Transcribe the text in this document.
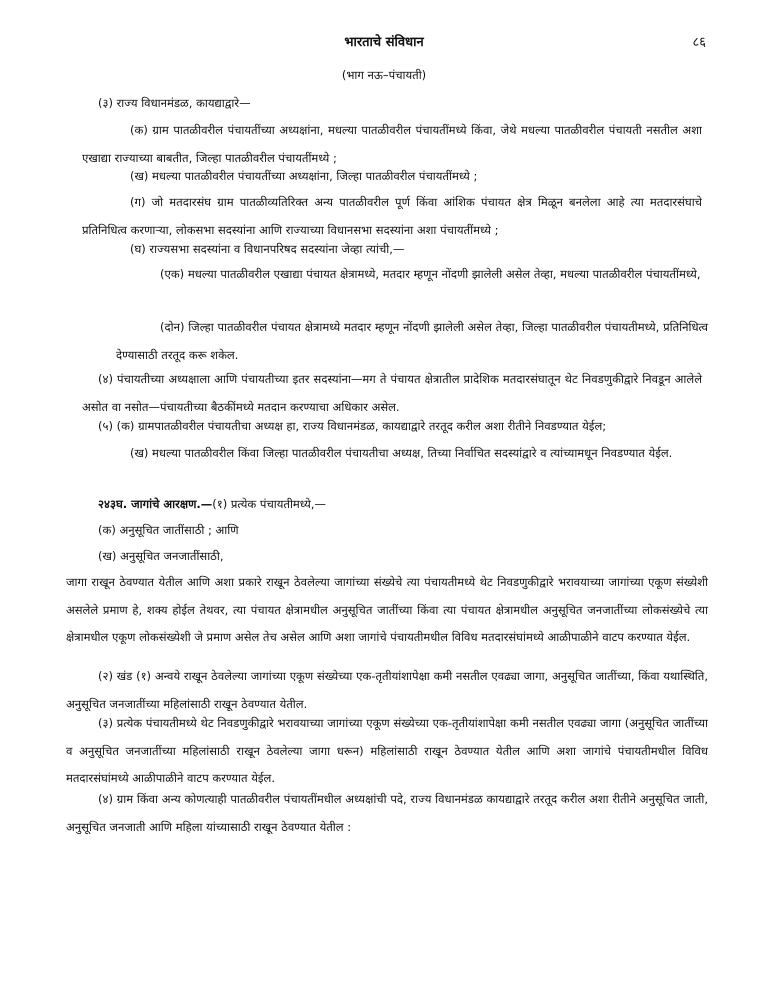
भारताचे संविधान	८६
(भाग नऊ–पंचायती)

(३) राज्य विधानमंडळ, कायद्याद्वारे—

(क) ग्राम पातळीवरील पंचायतींच्या अध्यक्षांना, मधल्या पातळीवरील पंचायतींमध्ये किंवा, जेथे मधल्या पातळीवरील पंचायती नसतील अशा एखाद्या राज्याच्या बाबतीत, जिल्हा पातळीवरील पंचायतींमध्ये ;

(ख) मधल्या पातळीवरील पंचायतींच्या अध्यक्षांना, जिल्हा पातळीवरील पंचायतींमध्ये ;

(ग) जो मतदारसंघ ग्राम पातळीव्यतिरिक्त अन्य पातळीवरील पूर्ण किंवा आंशिक पंचायत क्षेत्र मिळून बनलेला आहे त्या मतदारसंघाचे प्रतिनिधित्व करणाऱ्या, लोकसभा सदस्यांना आणि राज्याच्या विधानसभा सदस्यांना अशा पंचायतींमध्ये ;

(घ) राज्यसभा सदस्यांना व विधानपरिषद सदस्यांना जेव्हा त्यांची,—

(एक) मधल्या पातळीवरील एखाद्या पंचायत क्षेत्रामध्ये, मतदार म्हणून नोंदणी झालेली असेल तेव्हा, मधल्या पातळीवरील पंचायतींमध्ये,

(दोन) जिल्हा पातळीवरील पंचायत क्षेत्रामध्ये मतदार म्हणून नोंदणी झालेली असेल तेव्हा, जिल्हा पातळीवरील पंचायतीमध्ये, प्रतिनिधित्व देण्यासाठी तरतूद करू शकेल.

(४) पंचायतीच्या अध्यक्षाला आणि पंचायतीच्या इतर सदस्यांना—मग ते पंचायत क्षेत्रातील प्रादेशिक मतदारसंघातून थेट निवडणुकीद्वारे निवडून आलेले असोत वा नसोत—पंचायतीच्या बैठकींमध्ये मतदान करण्याचा अधिकार असेल.

(५) (क) ग्रामपातळीवरील पंचायतीचा अध्यक्ष हा, राज्य विधानमंडळ, कायद्याद्वारे तरतूद करील अशा रीतीने निवडण्यात येईल;

(ख) मधल्या पातळीवरील किंवा जिल्हा पातळीवरील पंचायतीचा अध्यक्ष, तिच्या निर्वाचित सदस्यांद्वारे व त्यांच्यामधून निवडण्यात येईल.

२४३घ. जागांचे आरक्षण.—(१) प्रत्येक पंचायतीमध्ये,—

(क) अनुसूचित जातींसाठी ; आणि

(ख) अनुसूचित जनजातींसाठी,

जागा राखून ठेवण्यात येतील आणि अशा प्रकारे राखून ठेवलेल्या जागांच्या संख्येचे त्या पंचायतीमध्ये थेट निवडणुकीद्वारे भरावयाच्या जागांच्या एकूण संख्येशी असलेले प्रमाण हे, शक्य होईल तेथवर, त्या पंचायत क्षेत्रामधील अनुसूचित जातींच्या किंवा त्या पंचायत क्षेत्रामधील अनुसूचित जनजातींच्या लोकसंख्येचे त्या क्षेत्रामधील एकूण लोकसंख्येशी जे प्रमाण असेल तेच असेल आणि अशा जागांचे पंचायतीमधील विविध मतदारसंघांमध्ये आळीपाळीने वाटप करण्यात येईल.

(२) खंड (१) अन्वये राखून ठेवलेल्या जागांच्या एकूण संख्येच्या एक-तृतीयांशापेक्षा कमी नसतील एवढ्या जागा, अनुसूचित जातींच्या, किंवा यथास्थिति, अनुसूचित जनजातींच्या महिलांसाठी राखून ठेवण्यात येतील.

(३) प्रत्येक पंचायतीमध्ये थेट निवडणुकीद्वारे भरावयाच्या जागांच्या एकूण संख्येच्या एक-तृतीयांशापेक्षा कमी नसतील एवढ्या जागा (अनुसूचित जातींच्या व अनुसूचित जनजातींच्या महिलांसाठी राखून ठेवलेल्या जागा धरून) महिलांसाठी राखून ठेवण्यात येतील आणि अशा जागांचे पंचायतीमधील विविध मतदारसंघांमध्ये आळीपाळीने वाटप करण्यात येईल.

(४) ग्राम किंवा अन्य कोणत्याही पातळीवरील पंचायतींमधील अध्यक्षांची पदे, राज्य विधानमंडळ कायद्याद्वारे तरतूद करील अशा रीतीने अनुसूचित जाती, अनुसूचित जनजाती आणि महिला यांच्यासाठी राखून ठेवण्यात येतील :
